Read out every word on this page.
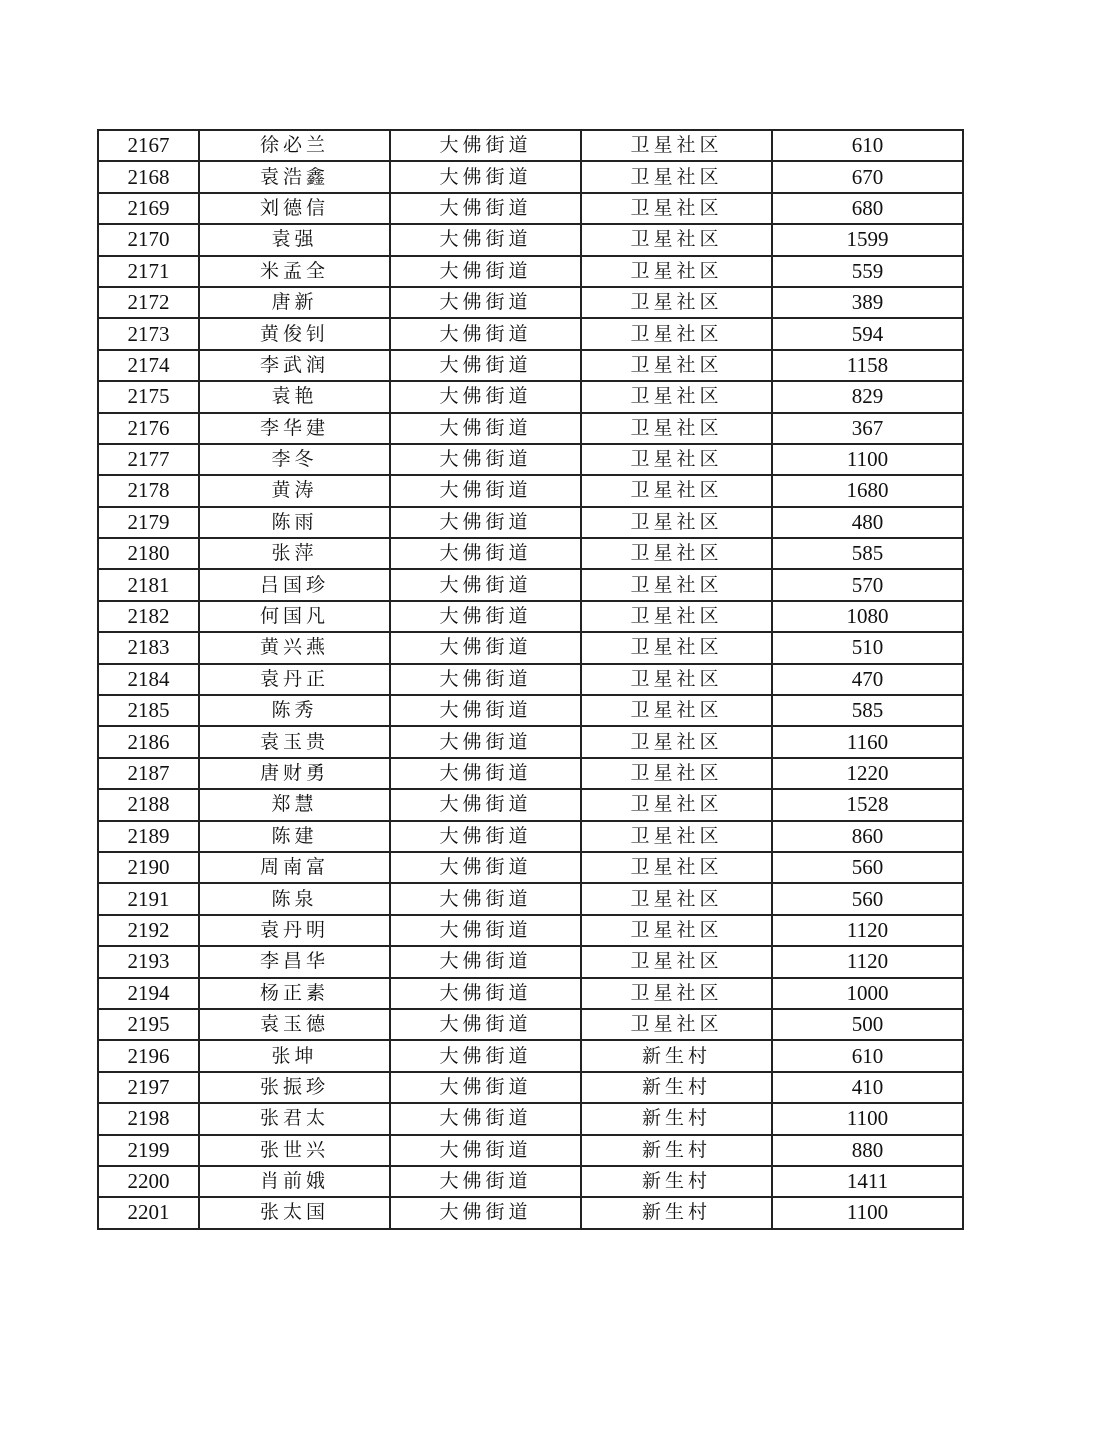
2167	徐必兰	大佛街道	卫星社区	610
2168	袁浩鑫	大佛街道	卫星社区	670
2169	刘德信	大佛街道	卫星社区	680
2170	袁强	大佛街道	卫星社区	1599
2171	米孟全	大佛街道	卫星社区	559
2172	唐新	大佛街道	卫星社区	389
2173	黄俊钊	大佛街道	卫星社区	594
2174	李武润	大佛街道	卫星社区	1158
2175	袁艳	大佛街道	卫星社区	829
2176	李华建	大佛街道	卫星社区	367
2177	李冬	大佛街道	卫星社区	1100
2178	黄涛	大佛街道	卫星社区	1680
2179	陈雨	大佛街道	卫星社区	480
2180	张萍	大佛街道	卫星社区	585
2181	吕国珍	大佛街道	卫星社区	570
2182	何国凡	大佛街道	卫星社区	1080
2183	黄兴燕	大佛街道	卫星社区	510
2184	袁丹正	大佛街道	卫星社区	470
2185	陈秀	大佛街道	卫星社区	585
2186	袁玉贵	大佛街道	卫星社区	1160
2187	唐财勇	大佛街道	卫星社区	1220
2188	郑慧	大佛街道	卫星社区	1528
2189	陈建	大佛街道	卫星社区	860
2190	周南富	大佛街道	卫星社区	560
2191	陈泉	大佛街道	卫星社区	560
2192	袁丹明	大佛街道	卫星社区	1120
2193	李昌华	大佛街道	卫星社区	1120
2194	杨正素	大佛街道	卫星社区	1000
2195	袁玉德	大佛街道	卫星社区	500
2196	张坤	大佛街道	新生村	610
2197	张振珍	大佛街道	新生村	410
2198	张君太	大佛街道	新生村	1100
2199	张世兴	大佛街道	新生村	880
2200	肖前娥	大佛街道	新生村	1411
2201	张太国	大佛街道	新生村	1100
